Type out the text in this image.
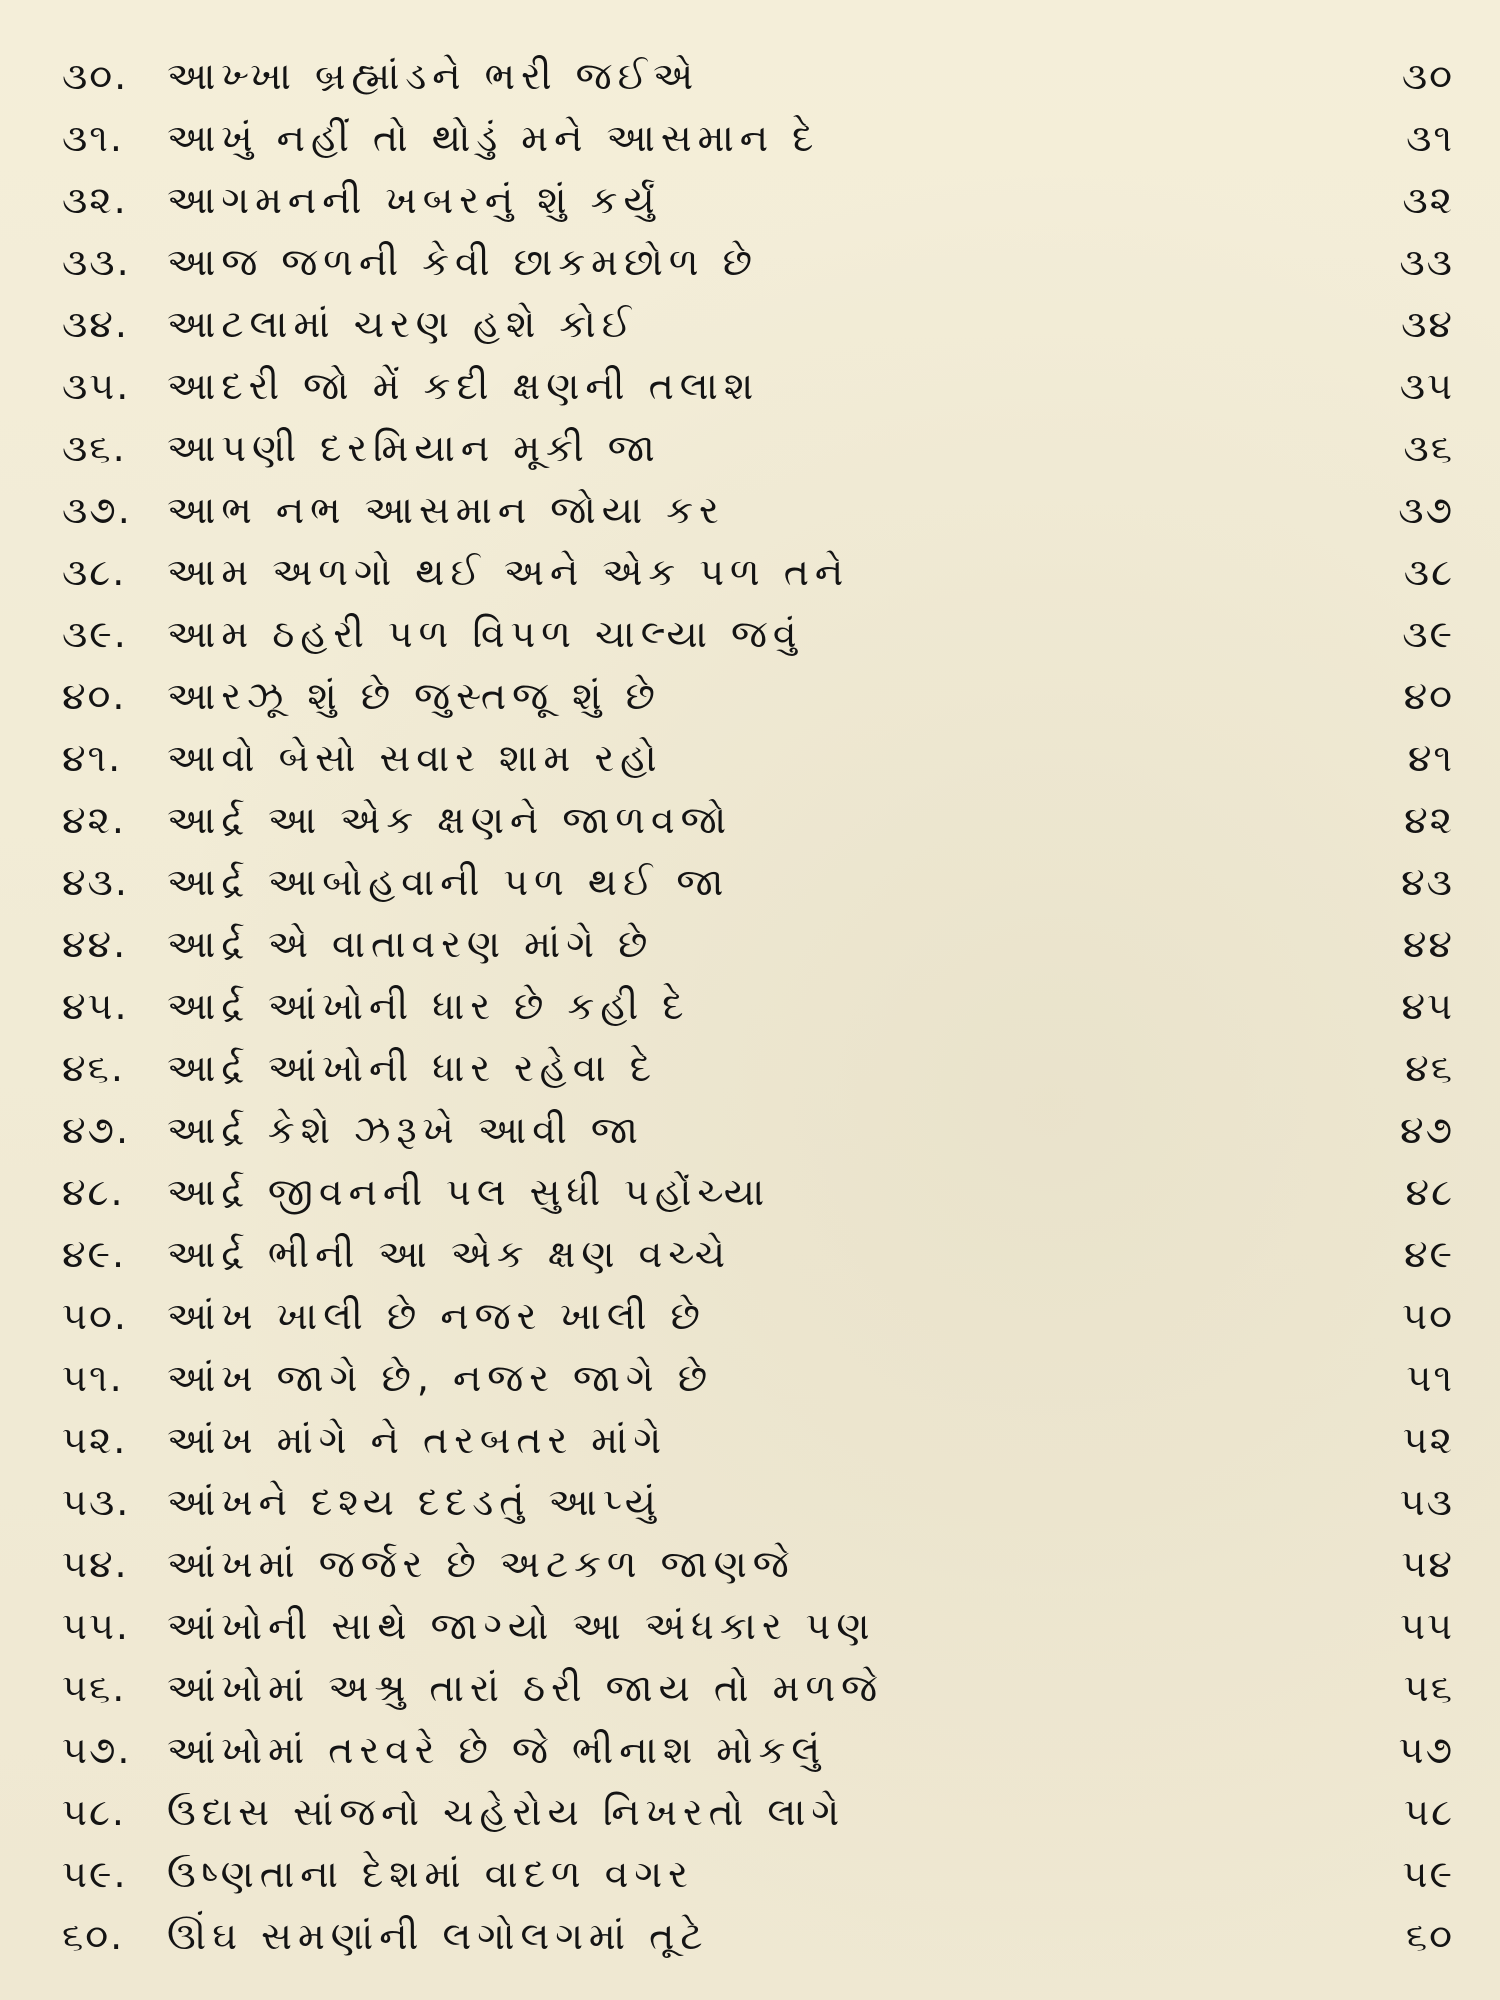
૩૦.	આખ્ખા બ્રહ્માંડને ભરી જઈએ	૩૦
૩૧.	આખું નહીં તો થોડું મને આસમાન દે	૩૧
૩૨.	આગમનની ખબરનું શું કર્યું	૩૨
૩૩. આજ જળની કેવી છાકમછોળ છે	૩૩
૩૪.	આટલામાં ચરણ હશે કોઈ	૩૪
૩૫. આદરી જો મેં કદી ક્ષણની તલાશ	૩૫
૩૬.	આપણી દરમિયાન મૂકી જા	૩૬
૩૭. આભ નભ આસમાન જોયા કર	૩૭
૩૮.	આમ અળગો થઈ અને એક પળ તને	૩૮
૩૯.	આમ ઠહરી પળ વિપળ ચાલ્યા જવું	૩૯
૪૦.	આરઝૂ શું છે જુસ્તજૂ શું છે	૪૦
૪૧.	આવો બેસો સવાર શામ રહો	૪૧
૪૨.	આર્દ્ર આ એક ક્ષણને જાળવજો	૪૨
૪૩.	આર્દ્ર આબોહવાની પળ થઈ જા	૪૩
૪૪.	આર્દ્ર એ વાતાવરણ માંગે છે	૪૪
૪૫.	આર્દ્ર આંખોની ધાર છે કહી દે	૪૫
૪૬.	આર્દ્ર આંખોની ધાર રહેવા દે	૪૬
૪૭. આર્દ્ર કેશે ઝરૂખે આવી જા	૪૭
૪૮.	આર્દ્ર જીવનની પલ સુધી પહોંચ્યા	૪૮
૪૯.	આર્દ્ર ભીની આ એક ક્ષણ વચ્ચે	૪૯
૫૦.	આંખ ખાલી છે નજર ખાલી છે	૫૦
૫૧.	આંખ જાગે છે, નજર જાગે છે	૫૧
૫૨.	આંખ માંગે ને તરબતર માંગે	૫૨
૫૩. આંખને દશ્ય દદડતું આપ્યું	૫૩
૫૪.	આંખમાં જર્જર છે અટકળ જાણજે	૫૪
૫૫. આંખોની સાથે જાગ્યો આ અંધકાર પણ	૫૫
૫૬.	આંખોમાં અશ્રુ તારાં ઠરી જાય તો મળજે	૫૬
૫૭. આંખોમાં તરવરે છે જે ભીનાશ મોકલું	૫૭
૫૮.	ઉદાસ સાંજનો ચહેરોય નિખરતો લાગે	૫૮
૫૯.	ઉષ્ણતાના દેશમાં વાદળ વગર	૫૯
૬૦.	ઊંઘ સમણાંની લગોલગમાં તૂટે	૬૦
